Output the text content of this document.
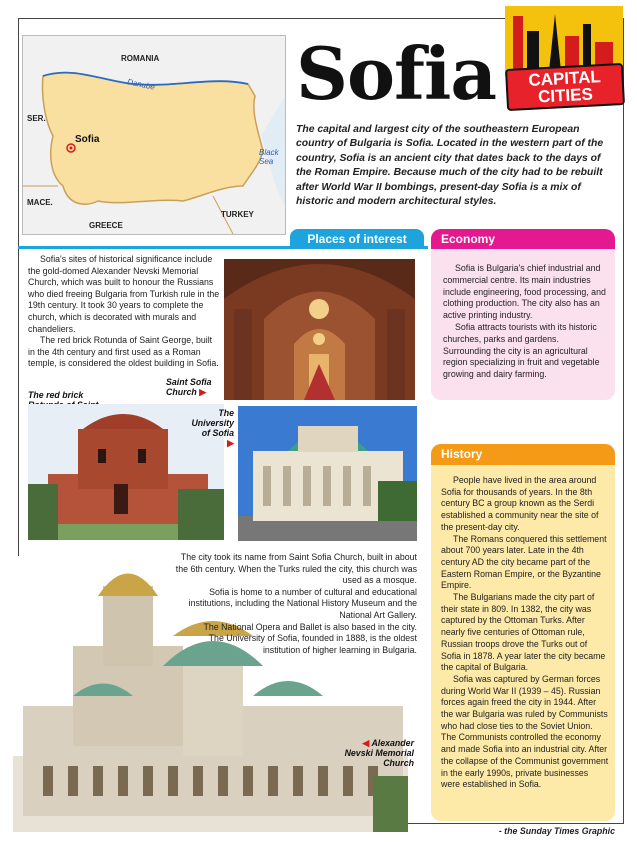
ROMANIA
Danube
SER.
Sofia
Black Sea
MACE.
GREECE
TURKEY
Sofia	CAPITAL
CITIES
The capital and largest city of the southeastern European country of Bulgaria is Sofia. Located in the western part of the country, Sofia is an ancient city that dates back to the days of the Roman Empire. Because much of the city had to be rebuilt after World War II bombings, present-day Sofia is a mix of historic and modern architectural styles.
Places of interest

Sofia's sites of historical significance include the gold-domed Alexander Nevski Memorial Church, which was built to honour the Russians who died freeing Bulgaria from Turkish rule in the 19th century. It took 30 years to complete the church, which is decorated with murals and chandeliers.

The red brick Rotunda of Saint George, built in the 4th century and first used as a Roman temple, is considered the oldest building in Sofia.

Saint Sofia Church ▶
The red brick
The University of Sofia
▶

The city took its name from Saint Sofia Church, built in about the 6th century. When the Turks ruled the city, this church was used as a mosque.

Sofia is home to a number of cultural and educational institutions, including the National History Museum and the National Art Gallery.

The National Opera and Ballet is also based in the city.

The University of Sofia, founded in 1888, is the oldest institution of higher learning in Bulgaria.

◀ Alexander Nevski Memorial Church
Economy

Sofia is Bulgaria's chief industrial and commercial centre. Its main industries include engineering, food processing, and clothing production. The city also has an active printing industry.

Sofia attracts tourists with its historic churches, parks and gardens. Surrounding the city is an agricultural region specializing in fruit and vegetable growing and dairy farming.

History

People have lived in the area around Sofia for thousands of years. In the 8th century BC a group known as the Serdi established a community near the site of the present-day city.

The Romans conquered this settlement about 700 years later. Late in the 4th century AD the city became part of the Eastern Roman Empire, or the Byzantine Empire.

The Bulgarians made the city part of their state in 809. In 1382, the city was captured by the Ottoman Turks. After nearly five centuries of Ottoman rule, Russian troops drove the Turks out of Sofia in 1878. A year later the city became the capital of Bulgaria.

Sofia was captured by German forces during World War II (1939 – 45). Russian forces again freed the city in 1944. After the war Bulgaria was ruled by Communists who had close ties to the Soviet Union. The Communists controlled the economy and made Sofia into an industrial city. After the collapse of the Communist government in the early 1990s, private businesses were established in Sofia.

- the Sunday Times Graphic
